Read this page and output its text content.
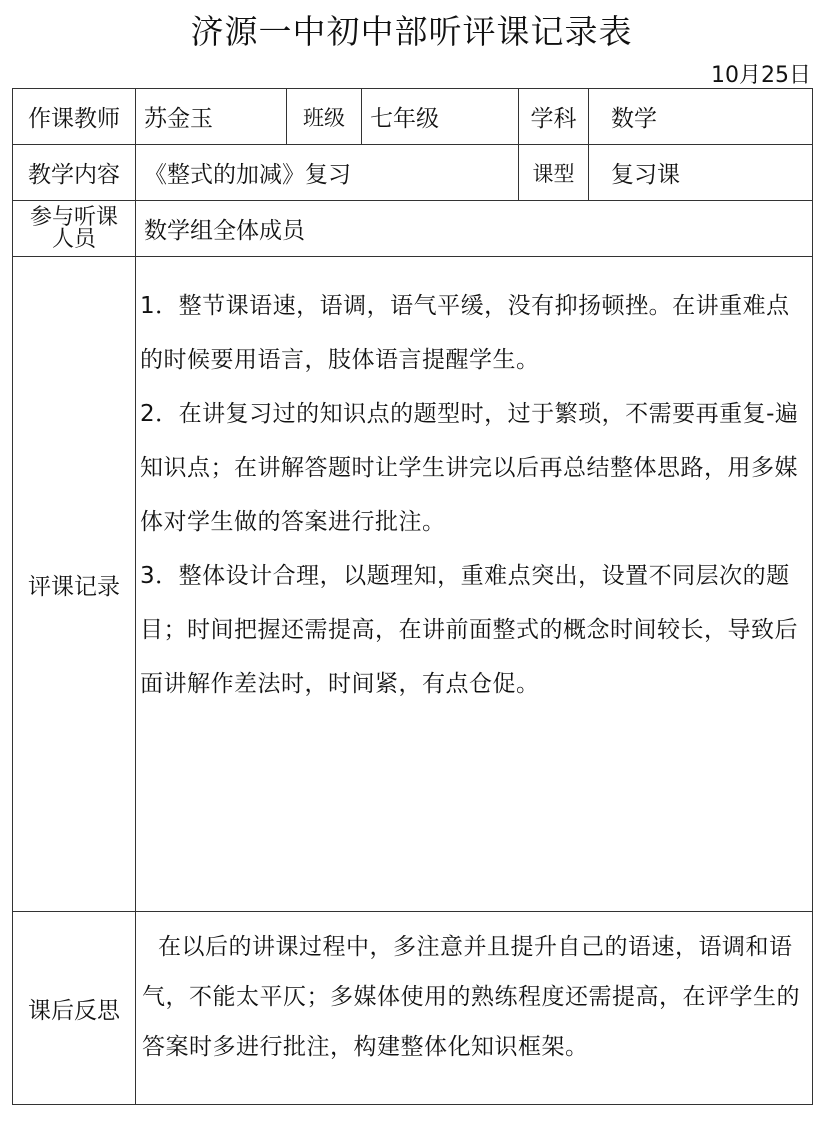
济源一中初中部听评课记录表
10月25日
作课教师	苏金玉	班级	七年级	学科	数学
教学内容	《整式的加减》复习			课型	复习课

参与听课
人员	数学组全体成员				
评课记录	1．整节课语速，语调，语气平缓，没有抑扬顿挫。在讲重难点的时候要用语言，肢体语言提醒学生。

2．在讲复习过的知识点的题型时，过于繁琐，不需要再重复-遍知识点；在讲解答题时让学生讲完以后再总结整体思路，用多媒体对学生做的答案进行批注。

3．整体设计合理，以题理知，重难点突出，设置不同层次的题目；时间把握还需提高，在讲前面整式的概念时间较长，导致后面讲解作差法时，时间紧，有点仓促。				

课后反思	在以后的讲课过程中，多注意并且提升自己的语速，语调和语气，不能太平仄；多媒体使用的熟练程度还需提高，在评学生的答案时多进行批注，构建整体化知识框架。				
